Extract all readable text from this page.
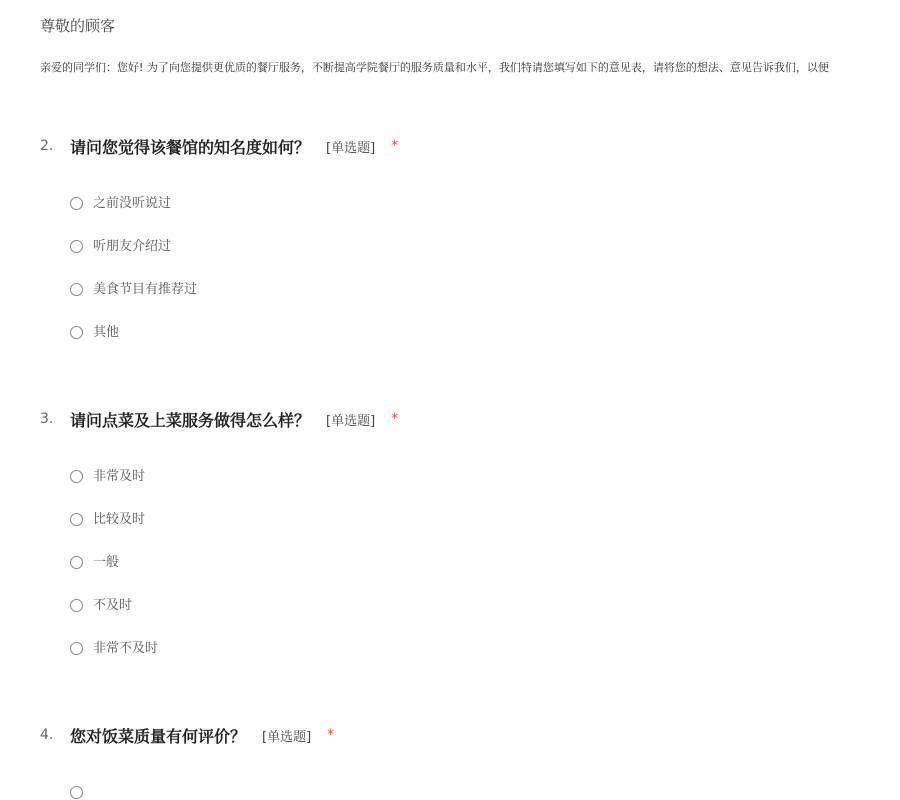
尊敬的顾客
亲爱的同学们：您好! 为了向您提供更优质的餐厅服务，不断提高学院餐厅的服务质量和水平，我们特请您填写如下的意见表，请将您的想法、意见告诉我们，以便
2.	请问您觉得该餐馆的知名度如何？ [单选题] *
之前没听说过
听朋友介绍过
美食节目有推荐过
其他
3.	请问点菜及上菜服务做得怎么样？ [单选题] *
非常及时
比较及时
一般
不及时
非常不及时
4.	您对饭菜质量有何评价？ [单选题] *
